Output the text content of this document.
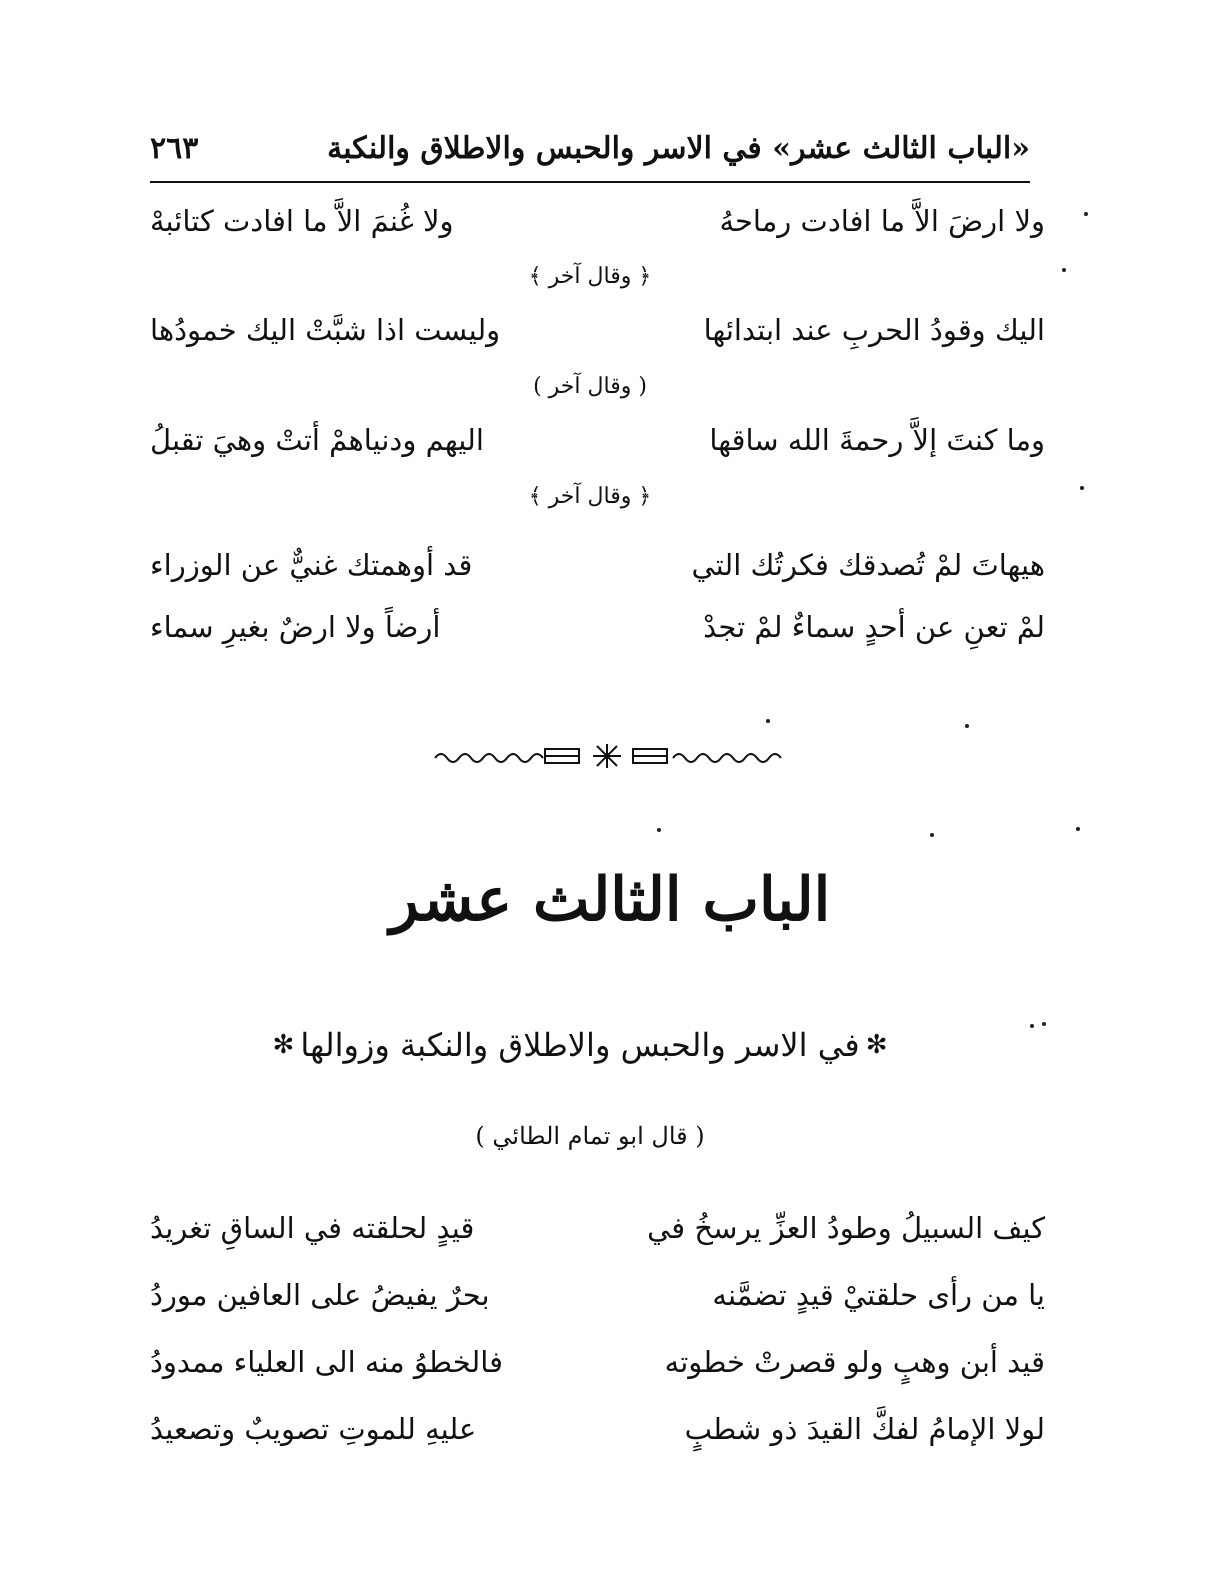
«الباب الثالث عشر» في الاسر والحبس والاطلاق والنكبة
٢٦٣
ولا ارضَ الاَّ ما افادت رماحهُ
ولا غُنمَ الاَّ ما افادت كتائبهْ
﴿ وقال آخر ﴾
اليك وقودُ الحربِ عند ابتدائها
وليست اذا شبَّتْ اليك خمودُها
( وقال آخر )
وما كنتَ إلاَّ رحمةَ الله ساقها
اليهم ودنياهمْ أتتْ وهيَ تقبلُ
﴿ وقال آخر ﴾
هيهاتَ لمْ تُصدقك فكرتُك التي
قد أوهمتك غنيٌّ عن الوزراء
لمْ تعنِ عن أحدٍ سماءٌ لمْ تجدْ
أرضاً ولا ارضٌ بغيرِ سماء
الباب الثالث عشر
✻
في الاسر والحبس والاطلاق والنكبة وزوالها
✻
( قال ابو تمام الطائي )
كيف السبيلُ وطودُ العزِّ يرسخُ في
قيدٍ لحلقته في الساقِ تغريدُ
يا من رأى حلقتيْ قيدٍ تضمَّنه
بحرٌ يفيضُ على العافين موردُ
قيد أبن وهبٍ ولو قصرتْ خطوته
فالخطوُ منه الى العلياء ممدودُ
لولا الإمامُ لفكَّ القيدَ ذو شطبٍ
عليهِ للموتِ تصويبٌ وتصعيدُ
